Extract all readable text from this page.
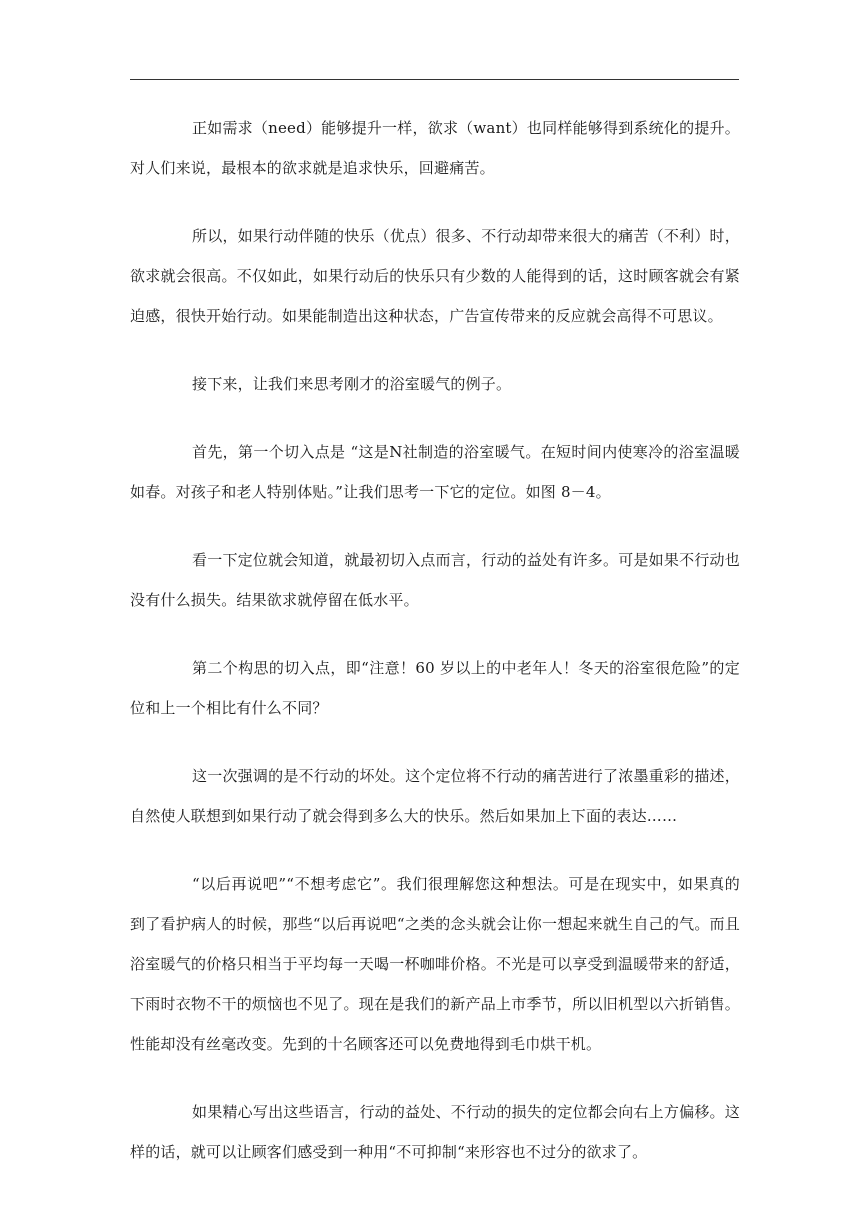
正如需求（need）能够提升一样，欲求（want）也同样能够得到系统化的提升。对人们来说，最根本的欲求就是追求快乐，回避痛苦。

所以，如果行动伴随的快乐（优点）很多、不行动却带来很大的痛苦（不利）时，欲求就会很高。不仅如此，如果行动后的快乐只有少数的人能得到的话，这时顾客就会有紧迫感，很快开始行动。如果能制造出这种状态，广告宣传带来的反应就会高得不可思议。

接下来，让我们来思考刚才的浴室暖气的例子。

首先，第一个切入点是 “这是N社制造的浴室暖气。在短时间内使寒冷的浴室温暖如春。对孩子和老人特别体贴。”让我们思考一下它的定位。如图 8－4。

看一下定位就会知道，就最初切入点而言，行动的益处有许多。可是如果不行动也没有什么损失。结果欲求就停留在低水平。

第二个构思的切入点，即“注意！60 岁以上的中老年人！冬天的浴室很危险”的定位和上一个相比有什么不同？

这一次强调的是不行动的坏处。这个定位将不行动的痛苦进行了浓墨重彩的描述，自然使人联想到如果行动了就会得到多么大的快乐。然后如果加上下面的表达……

“以后再说吧”“不想考虑它”。我们很理解您这种想法。可是在现实中，如果真的到了看护病人的时候，那些“以后再说吧“之类的念头就会让你一想起来就生自己的气。而且浴室暖气的价格只相当于平均每一天喝一杯咖啡价格。不光是可以享受到温暖带来的舒适，下雨时衣物不干的烦恼也不见了。现在是我们的新产品上市季节，所以旧机型以六折销售。性能却没有丝毫改变。先到的十名顾客还可以免费地得到毛巾烘干机。

如果精心写出这些语言，行动的益处、不行动的损失的定位都会向右上方偏移。这样的话，就可以让顾客们感受到一种用“不可抑制“来形容也不过分的欲求了。
